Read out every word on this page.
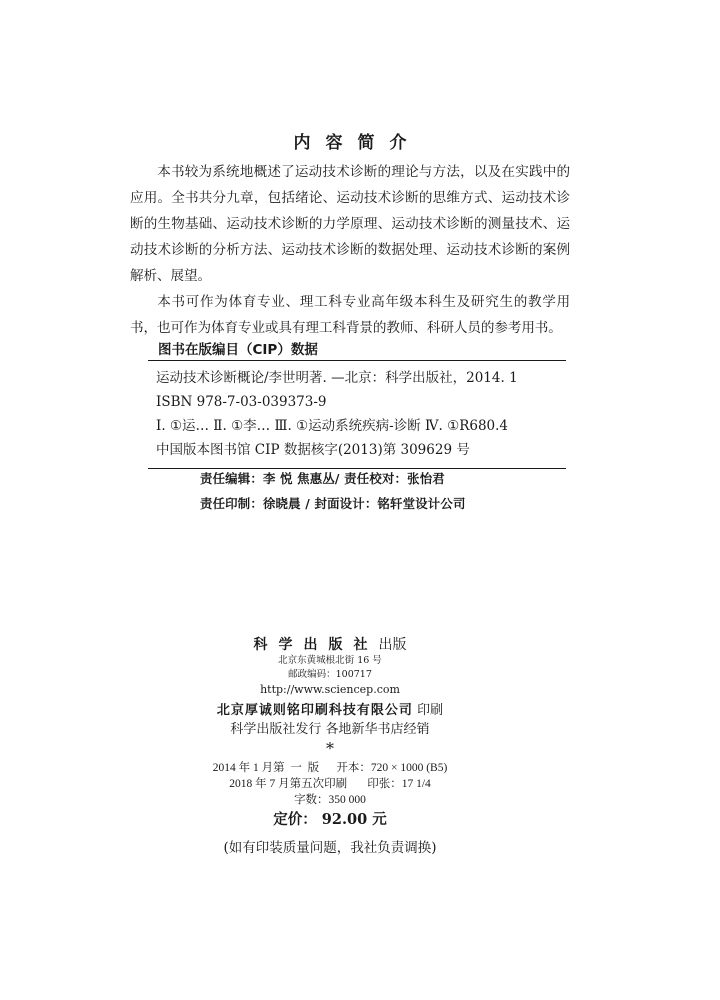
内容简介

本书较为系统地概述了运动技术诊断的理论与方法，以及在实践中的应用。全书共分九章，包括绪论、运动技术诊断的思维方式、运动技术诊断的生物基础、运动技术诊断的力学原理、运动技术诊断的测量技术、运动技术诊断的分析方法、运动技术诊断的数据处理、运动技术诊断的案例解析、展望。

本书可作为体育专业、理工科专业高年级本科生及研究生的教学用书，也可作为体育专业或具有理工科背景的教师、科研人员的参考用书。

图书在版编目（CIP）数据
运动技术诊断概论/李世明著. —北京：科学出版社，2014. 1
ISBN 978-7-03-039373-9
Ⅰ. ①运… Ⅱ. ①李… Ⅲ. ①运动系统疾病-诊断 Ⅳ. ①R680.4
中国版本图书馆 CIP 数据核字(2013)第 309629 号
责任编辑：李 悦 焦惠丛/ 责任校对：张怡君
责任印制：徐晓晨 / 封面设计：铭轩堂设计公司
科学出版社出版
北京东黄城根北街 16 号
邮政编码：100717
http://www.sciencep.com
北京厚诚则铭印刷科技有限公司 印刷
科学出版社发行 各地新华书店经销
*
2014 年 1 月第  一  版      开本：720 × 1000 (B5)
2018 年 7 月第五次印刷       印张：17 1/4
字数：350 000
定价： 92.00 元
(如有印装质量问题，我社负责调换)
